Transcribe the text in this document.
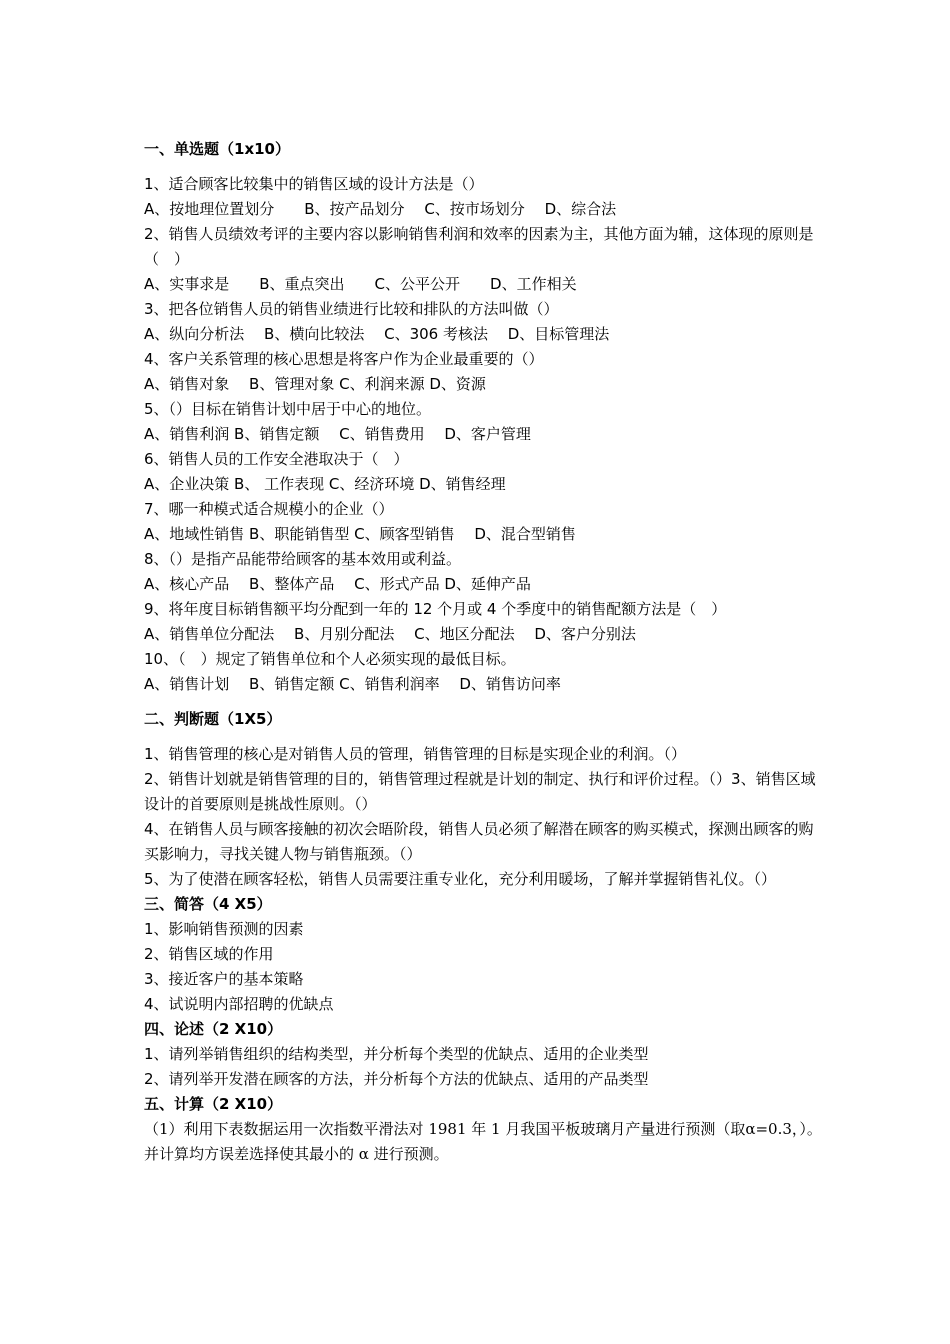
一、单选题（1x10）
1、适合顾客比较集中的销售区域的设计方法是（）
A、按地理位置划分　　B、按产品划分　 C、按市场划分　 D、综合法
2、销售人员绩效考评的主要内容以影响销售利润和效率的因素为主，其他方面为辅，这体现的原则是（　）
A、实事求是　　B、重点突出　　C、公平公开　　D、工作相关
3、把各位销售人员的销售业绩进行比较和排队的方法叫做（）
A、纵向分析法　 B、横向比较法　 C、306 考核法　 D、目标管理法
4、客户关系管理的核心思想是将客户作为企业最重要的（）
A、销售对象　 B、管理对象 C、利润来源 D、资源
5、（）目标在销售计划中居于中心的地位。
A、销售利润 B、销售定额　 C、销售费用　 D、客户管理
6、销售人员的工作安全港取决于（　）
A、企业决策 B、 工作表现 C、经济环境 D、销售经理
7、哪一种模式适合规模小的企业（）
A、地域性销售 B、职能销售型 C、顾客型销售　 D、混合型销售
8、（）是指产品能带给顾客的基本效用或利益。
A、核心产品　 B、整体产品　 C、形式产品 D、延伸产品
9、将年度目标销售额平均分配到一年的 12 个月或 4 个季度中的销售配额方法是（　）
A、销售单位分配法　 B、月别分配法　 C、地区分配法　 D、客户分别法
10、（　）规定了销售单位和个人必须实现的最低目标。
A、销售计划　 B、销售定额 C、销售利润率　 D、销售访问率
二、判断题（1X5）
1、销售管理的核心是对销售人员的管理，销售管理的目标是实现企业的利润。（）
2、销售计划就是销售管理的目的，销售管理过程就是计划的制定、执行和评价过程。（）3、销售区域设计的首要原则是挑战性原则。（）
4、在销售人员与顾客接触的初次会晤阶段，销售人员必须了解潜在顾客的购买模式，探测出顾客的购买影响力，寻找关键人物与销售瓶颈。（）
5、为了使潜在顾客轻松，销售人员需要注重专业化，充分利用暖场，了解并掌握销售礼仪。（）
三、简答（4 X5）
1、影响销售预测的因素
2、销售区域的作用
3、接近客户的基本策略
4、试说明内部招聘的优缺点
四、论述（2 X10）
1、请列举销售组织的结构类型，并分析每个类型的优缺点、适用的企业类型
2、请列举开发潜在顾客的方法，并分析每个方法的优缺点、适用的产品类型
五、计算（2 X10）
（1）利用下表数据运用一次指数平滑法对 1981 年 1 月我国平板玻璃月产量进行预测（取α=0.3，）。并计算均方误差选择使其最小的 α 进行预测。
